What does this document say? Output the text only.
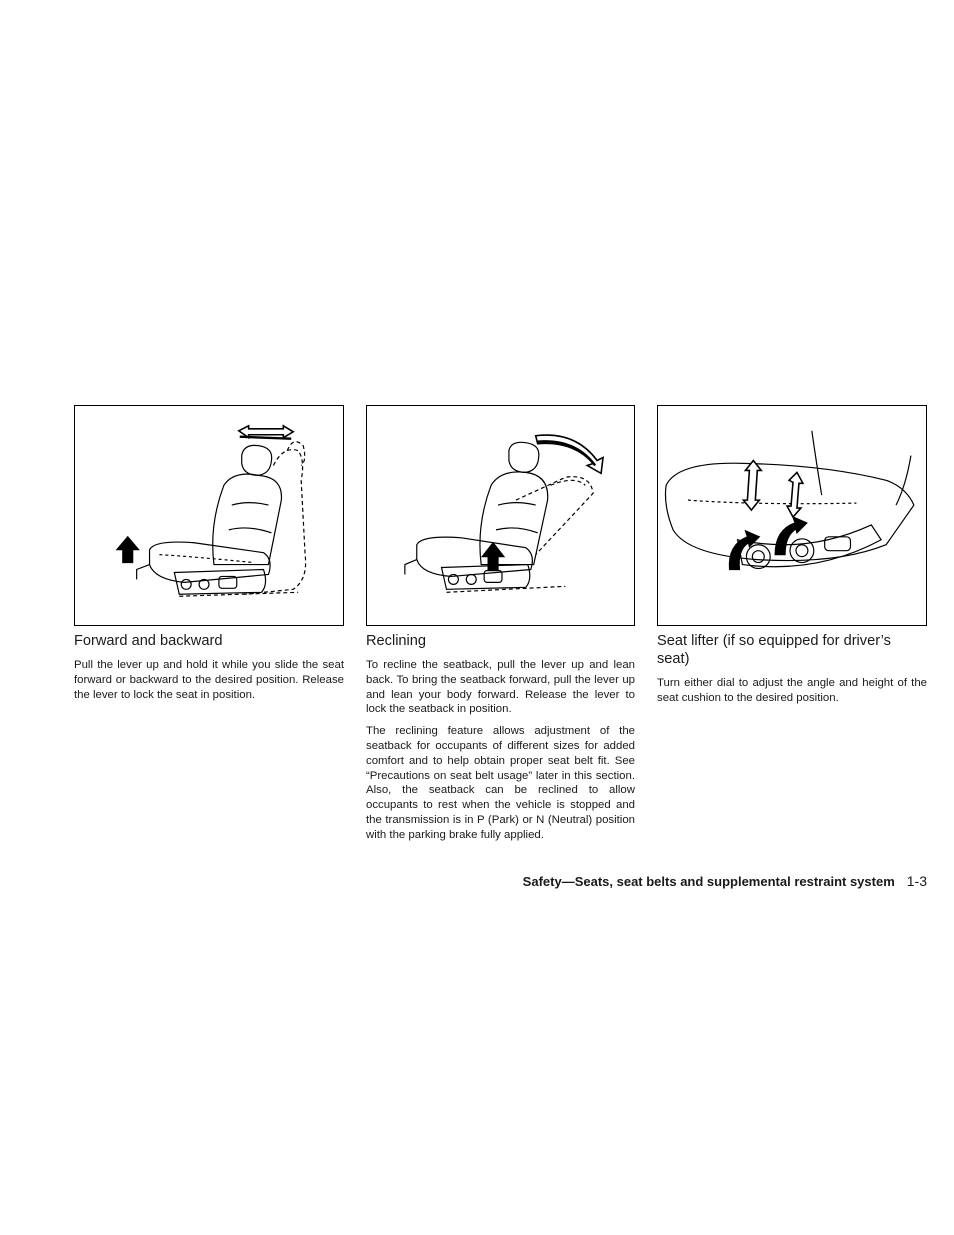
Forward and backward

Pull the lever up and hold it while you slide the seat forward or backward to the desired position. Release the lever to lock the seat in position.

Reclining

To recline the seatback, pull the lever up and lean back. To bring the seatback forward, pull the lever up and lean your body forward. Release the lever to lock the seatback in position.

The reclining feature allows adjustment of the seatback for occupants of different sizes for added comfort and to help obtain proper seat belt fit. See “Precautions on seat belt usage” later in this section. Also, the seatback can be reclined to allow occupants to rest when the vehicle is stopped and the transmission is in P (Park) or N (Neutral) position with the parking brake fully applied.

Seat lifter (if so equipped for driver’s seat)

Turn either dial to adjust the angle and height of the seat cushion to the desired position.

Safety—Seats, seat belts and supplemental restraint system 1-3
